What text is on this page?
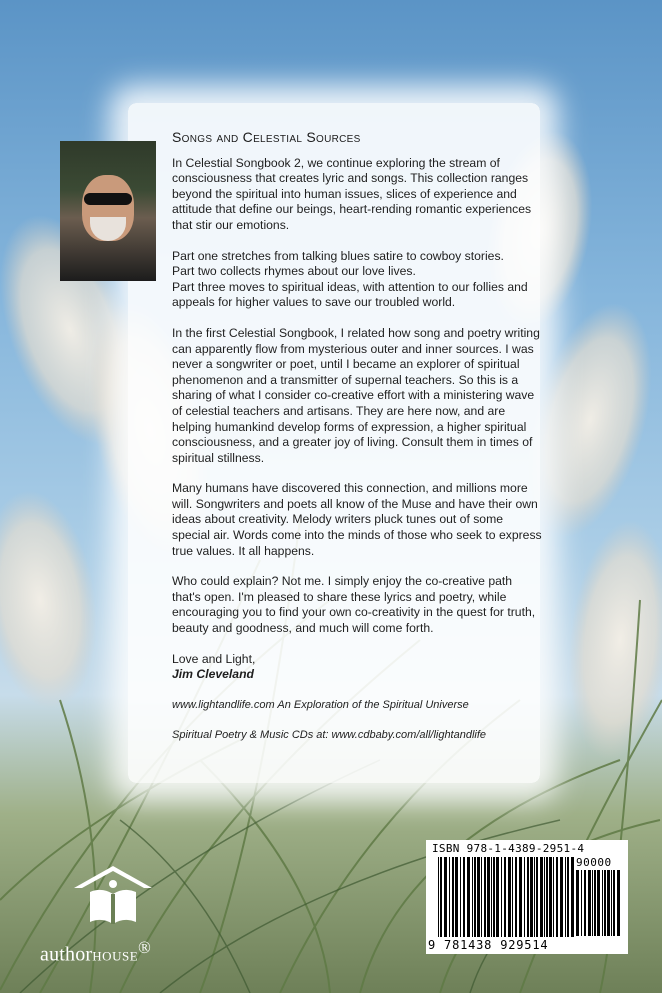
Songs and Celestial Sources

In Celestial Songbook 2, we continue exploring the stream of consciousness that creates lyric and songs. This collection ranges beyond the spiritual into human issues, slices of experience and attitude that define our beings, heart-rending romantic experiences that stir our emotions.

Part one stretches from talking blues satire to cowboy stories.
Part two collects rhymes about our love lives.
Part three moves to spiritual ideas, with attention to our follies and appeals for higher values to save our troubled world.

In the first Celestial Songbook, I related how song and poetry writing can apparently flow from mysterious outer and inner sources. I was never a songwriter or poet, until I became an explorer of spiritual phenomenon and a transmitter of supernal teachers. So this is a sharing of what I consider co-creative effort with a ministering wave of celestial teachers and artisans. They are here now, and are helping humankind develop forms of expression, a higher spiritual consciousness, and a greater joy of living. Consult them in times of spiritual stillness.

Many humans have discovered this connection, and millions more will. Songwriters and poets all know of the Muse and have their own ideas about creativity. Melody writers pluck tunes out of some special air. Words come into the minds of those who seek to express true values. It all happens.

Who could explain? Not me. I simply enjoy the co-creative path that's open. I'm pleased to share these lyrics and poetry, while encouraging you to find your own co-creativity in the quest for truth, beauty and goodness, and much will come forth.

Love and Light,

Jim Cleveland

www.lightandlife.com An Exploration of the Spiritual Universe

Spiritual Poetry & Music CDs at: www.cdbaby.com/all/lightandlife

authorHOUSE®
ISBN 978-1-4389-2951-4
90000
9 781438 929514
